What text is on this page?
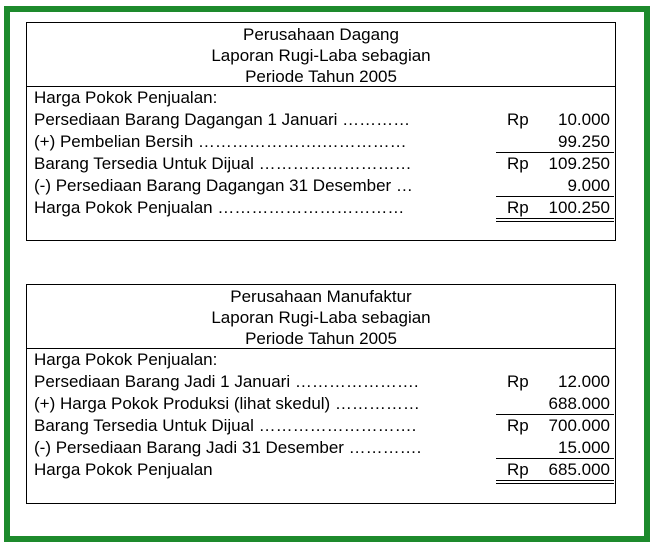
Perusahaan Dagang
Laporan Rugi-Laba sebagian
Periode Tahun 2005
Harga Pokok Penjualan:
Persediaan Barang Dagangan 1 Januari …………	Rp 10.000
(+) Pembelian Bersih ………………….……………	99.250
Barang Tersedia Untuk Dijual ………………………	Rp 109.250
(-) Persediaan Barang Dagangan 31 Desember …	9.000
Harga Pokok Penjualan ……………………………	Rp 100.250
Perusahaan Manufaktur
Laporan Rugi-Laba sebagian
Periode Tahun 2005
Harga Pokok Penjualan:
Persediaan Barang Jadi 1 Januari ………………….	Rp 12.000
(+) Harga Pokok Produksi (lihat skedul) ……………	688.000
Barang Tersedia Untuk Dijual ……………………….	Rp 700.000
(-) Persediaan Barang Jadi 31 Desember ………….	15.000
Harga Pokok Penjualan	Rp 685.000
